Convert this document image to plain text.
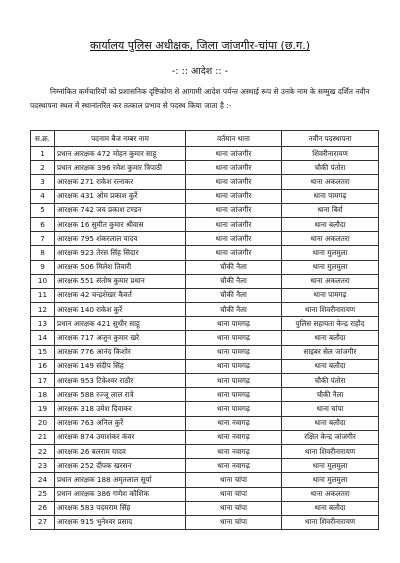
कार्यालय पुलिस अधीक्षक, जिला जांजगीर-चांपा (छ.ग.)
-: :: आदेश :: -
निम्नांकित कर्मचारियों को प्रशासनिक दृष्टिकोण से आगामी आदेश पर्यन्त अस्थाई रूप से उनके नाम के सम्मुख दर्शित नवीन पदस्थापना स्थल में स्थानांतरित कर तत्काल प्रभाव से पदस्थ किया जाता है :-
स.क्र.	पदनाम बैज नम्बर नाम	वर्तमान थाना	नवीन पदस्थापना
1	प्रधान आरक्षक 472 मोहन कुमार साहू	थाना जांजगीर	शिवरीनारायण
2	प्रधान आरक्षक 396 रमेश कुमार त्रिपाठी	थाना जांजगीर	चौकी पंतोरा
3	आरक्षक 271 राकेश रत्नाकर	थाना जांजगीर	थाना अकलतरा
4	आरक्षक 431 ओम प्रकाश कुर्रे	थाना जांजगीर	थाना पामगढ़
5	आरक्षक 742 जय प्रकाश टण्डन	थाना जांजगीर	थाना बिर्रा
6	आरक्षक 16 सुमीत कुमार श्रीवास	थाना जांजगीर	थाना बलौदा
7	आरक्षक 795 शंकरलाल यादव	थाना जांजगीर	थाना अकलतरा
8	आरक्षक 923 तेरस सिंह सिदार	थाना जांजगीर	थाना मुलमुला
9	आरक्षक 506 मिलेश तिवारी	चौकी नैला	थाना मुलमुला
10	आरक्षक 551 संतोष कुमार प्रधान	चौकी नैला	थाना अकलतरा
11	आरक्षक 42 चन्द्रशेखर कैवर्त	चौकी नैला	थाना पामगढ़
12	आरक्षक 140 राकेश कुर्रे	चौकी नैला	थाना शिवरीनारायण
13	प्रधान आरक्षक 421 सुधीर साहू	थाना पामगढ़	पुलिस सहायता केन्द्र राहौद
14	आरक्षक 717 अजुन कुमार खरे	थाना पामगढ़	थाना बलौदा
15	आरक्षक 776 आनंद किशोर	थाना पामगढ़	साइबर सेल जांजगीर
16	आरक्षक 149 संदीप सिंह	थाना पामगढ़	थाना बलौदा
17	आरक्षक 953 टिकेश्वर राठौर	थाना पामगढ़	चौकी पंतोरा
18	आरक्षक 588 रज्जू लाल रात्रे	थाना पामगढ़	चौकी नैला
19	आरक्षक 318 उमेश दिवाकर	थाना पामगढ़	थाना चांपा
20	आरक्षक 763 अनिल कुर्रे	थाना नवागढ़	थाना बलौदा
21	आरक्षक 874 उमाशंकर कंवर	थाना नवागढ़	रक्षित केन्द्र जांजगीर
22	आरक्षक 26 बलराम यादव	थाना नवागढ़	थाना शिवरीनारायण
23	आरक्षक 252 दीपक खरसन	थाना नवागढ़	थाना मुलमुला
24	प्रधान आरक्षक 188 अमृतलाल सूर्या	थाना चांपा	थाना मुलमुला
25	प्रधान आरक्षक 386 गणेश कौशिक	थाना चांपा	थाना अकलतरा
26	आरक्षक 583 पदमराम सिंह	थाना चांपा	थाना बलौदा
27	आरक्षक 915 भुनेश्वर प्रसाद	थाना चांपा	थाना शिवरीनारायण
